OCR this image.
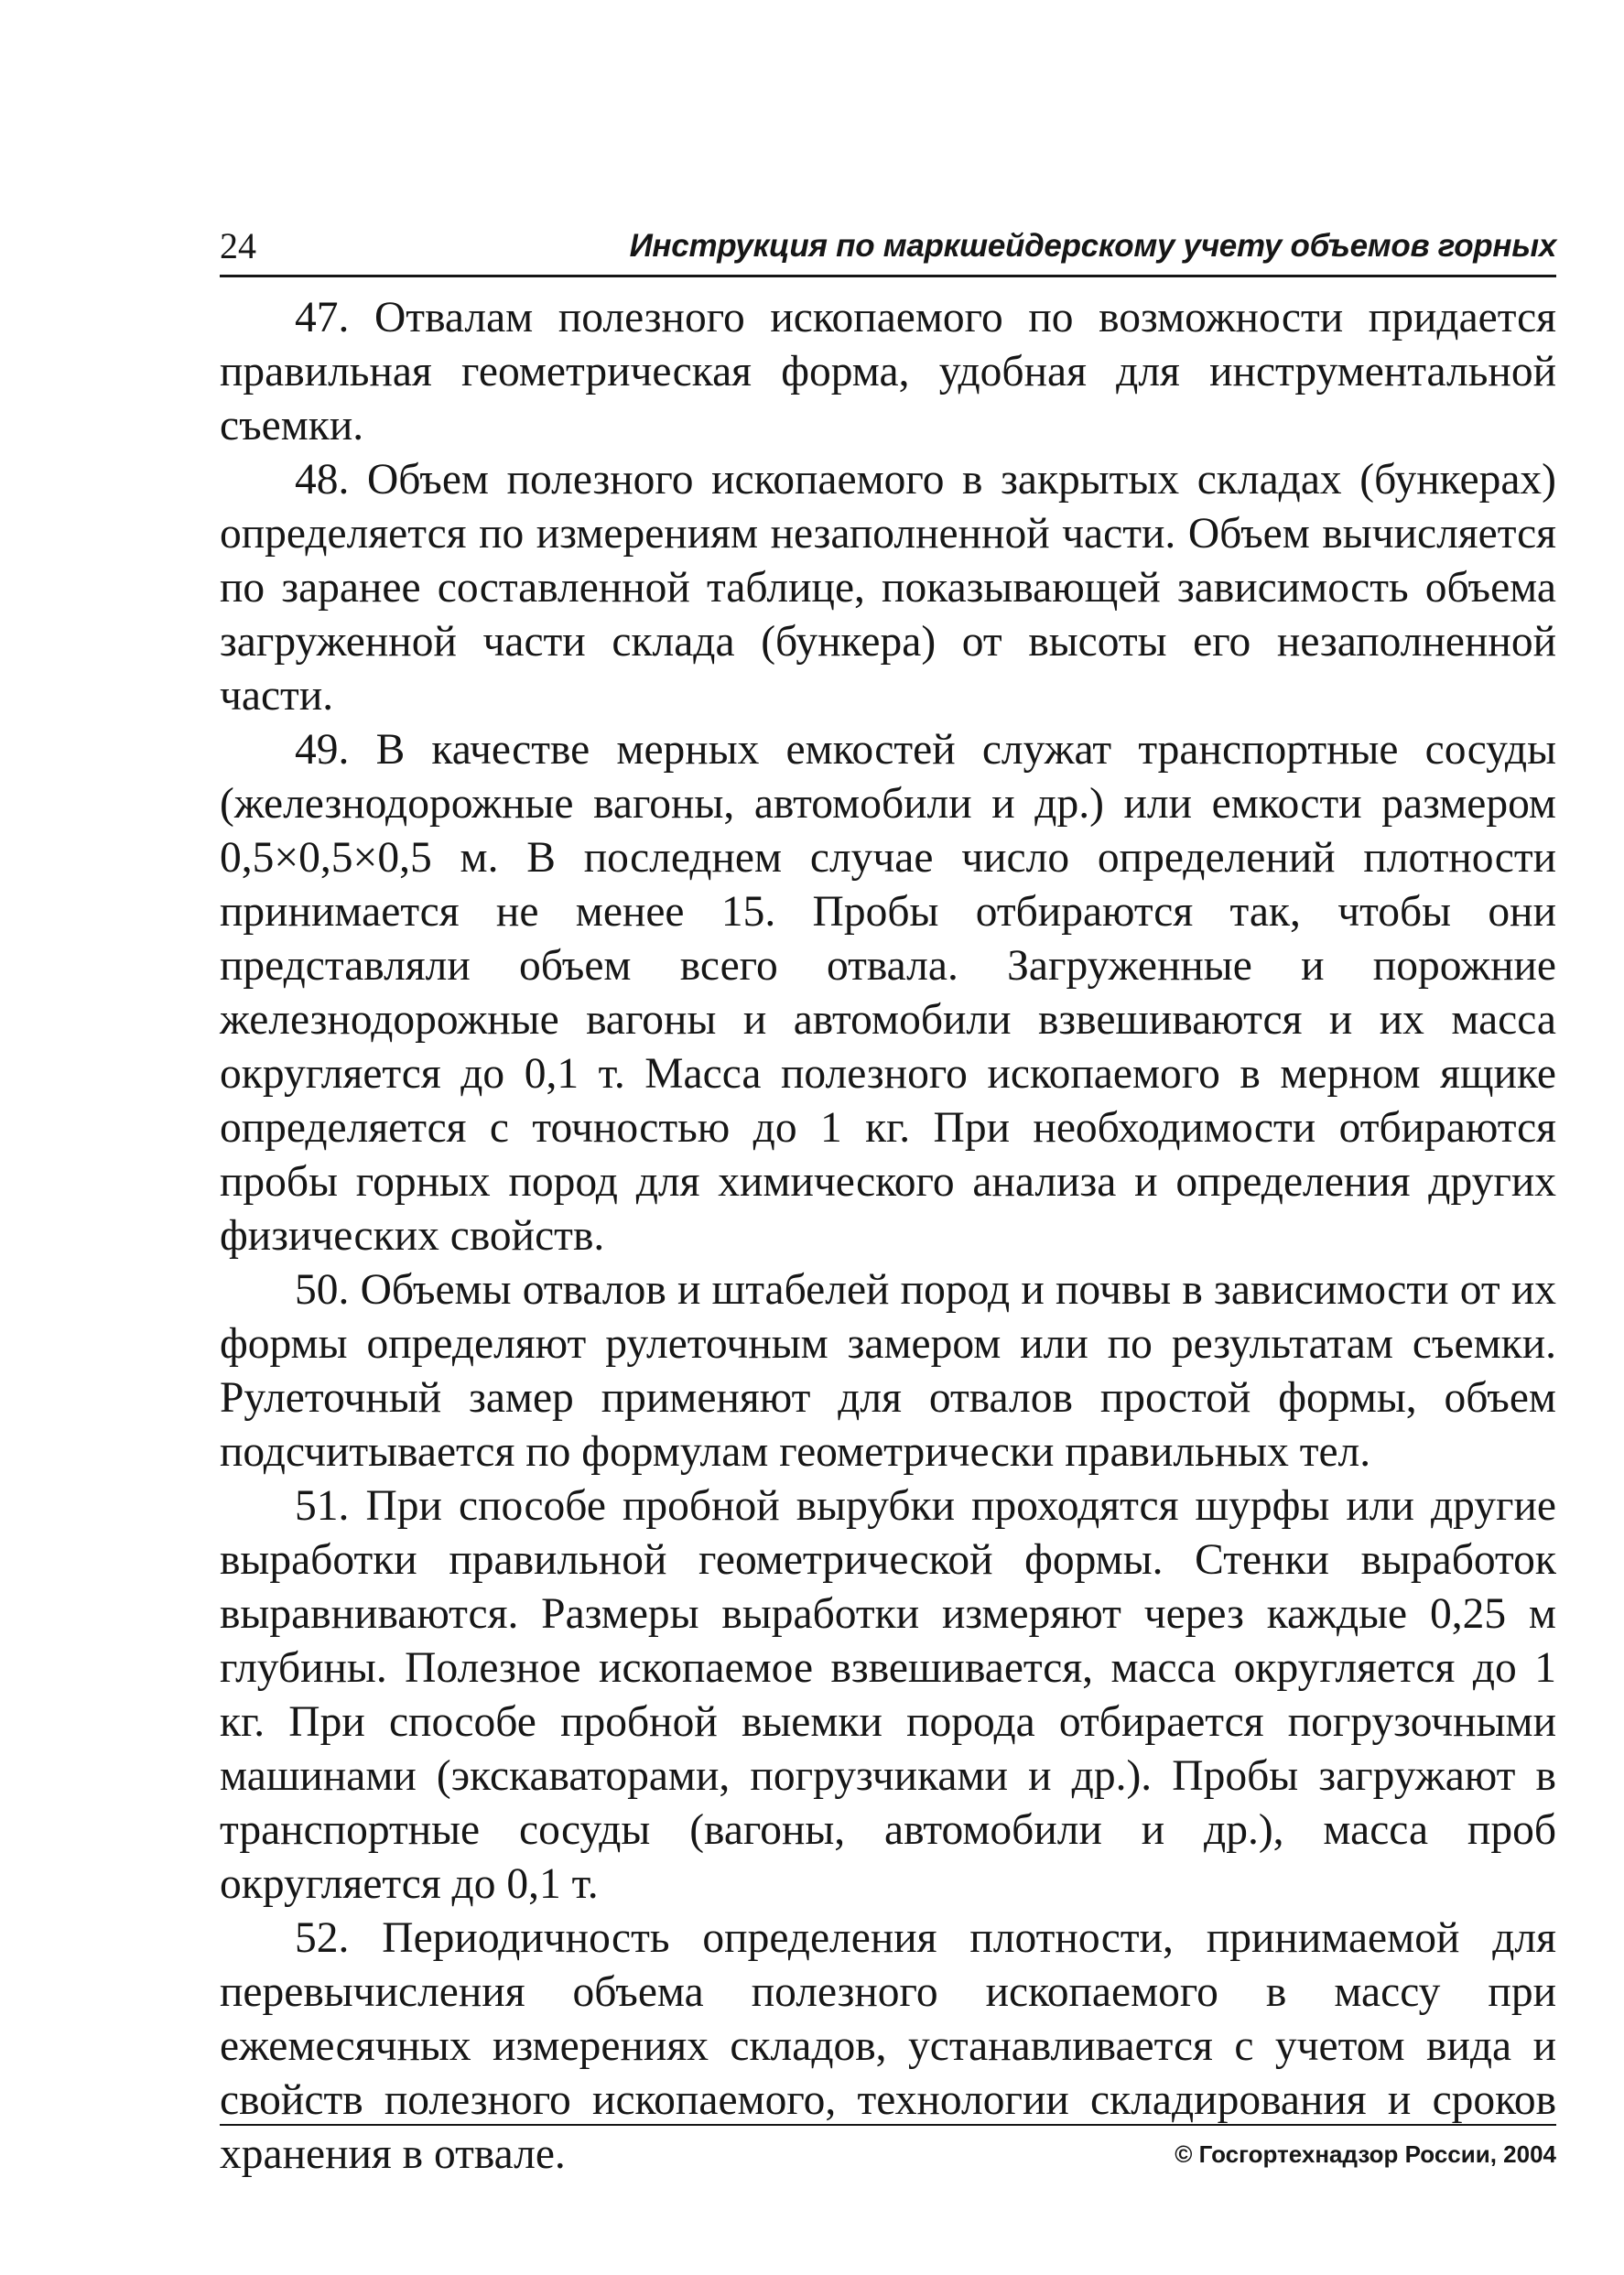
24	Инструкция по маркшейдерскому учету объемов горных

47. Отвалам полезного ископаемого по возможности придается правильная геометрическая форма, удобная для инструментальной съемки.

48. Объем полезного ископаемого в закрытых складах (бункерах) определяется по измерениям незаполненной части. Объем вычисляется по заранее составленной таблице, показывающей зависимость объема загруженной части склада (бункера) от высоты его незаполненной части.

49. В качестве мерных емкостей служат транспортные сосуды (железнодорожные вагоны, автомобили и др.) или емкости размером 0,5×0,5×0,5 м. В последнем случае число определений плотности принимается не менее 15. Пробы отбираются так, чтобы они представляли объем всего отвала. Загруженные и порожние железнодорожные вагоны и автомобили взвешиваются и их масса округляется до 0,1 т. Масса полезного ископаемого в мерном ящике определяется с точностью до 1 кг. При необходимости отбираются пробы горных пород для химического анализа и определения других физических свойств.

50. Объемы отвалов и штабелей пород и почвы в зависимости от их формы определяют рулеточным замером или по результатам съемки. Рулеточный замер применяют для отвалов простой формы, объем подсчитывается по формулам геометрически правильных тел.

51. При способе пробной вырубки проходятся шурфы или другие выработки правильной геометрической формы. Стенки выработок выравниваются. Размеры выработки измеряют через каждые 0,25 м глубины. Полезное ископаемое взвешивается, масса округляется до 1 кг. При способе пробной выемки порода отбирается погрузочными машинами (экскаваторами, погрузчиками и др.). Пробы загружают в транспортные сосуды (вагоны, автомобили и др.), масса проб округляется до 0,1 т.

52. Периодичность определения плотности, принимаемой для перевычисления объема полезного ископаемого в массу при ежемесячных измерениях складов, устанавливается с учетом вида и свойств полезного ископаемого, технологии складирования и сроков хранения в отвале.	© Госгортехнадзор России, 2004
